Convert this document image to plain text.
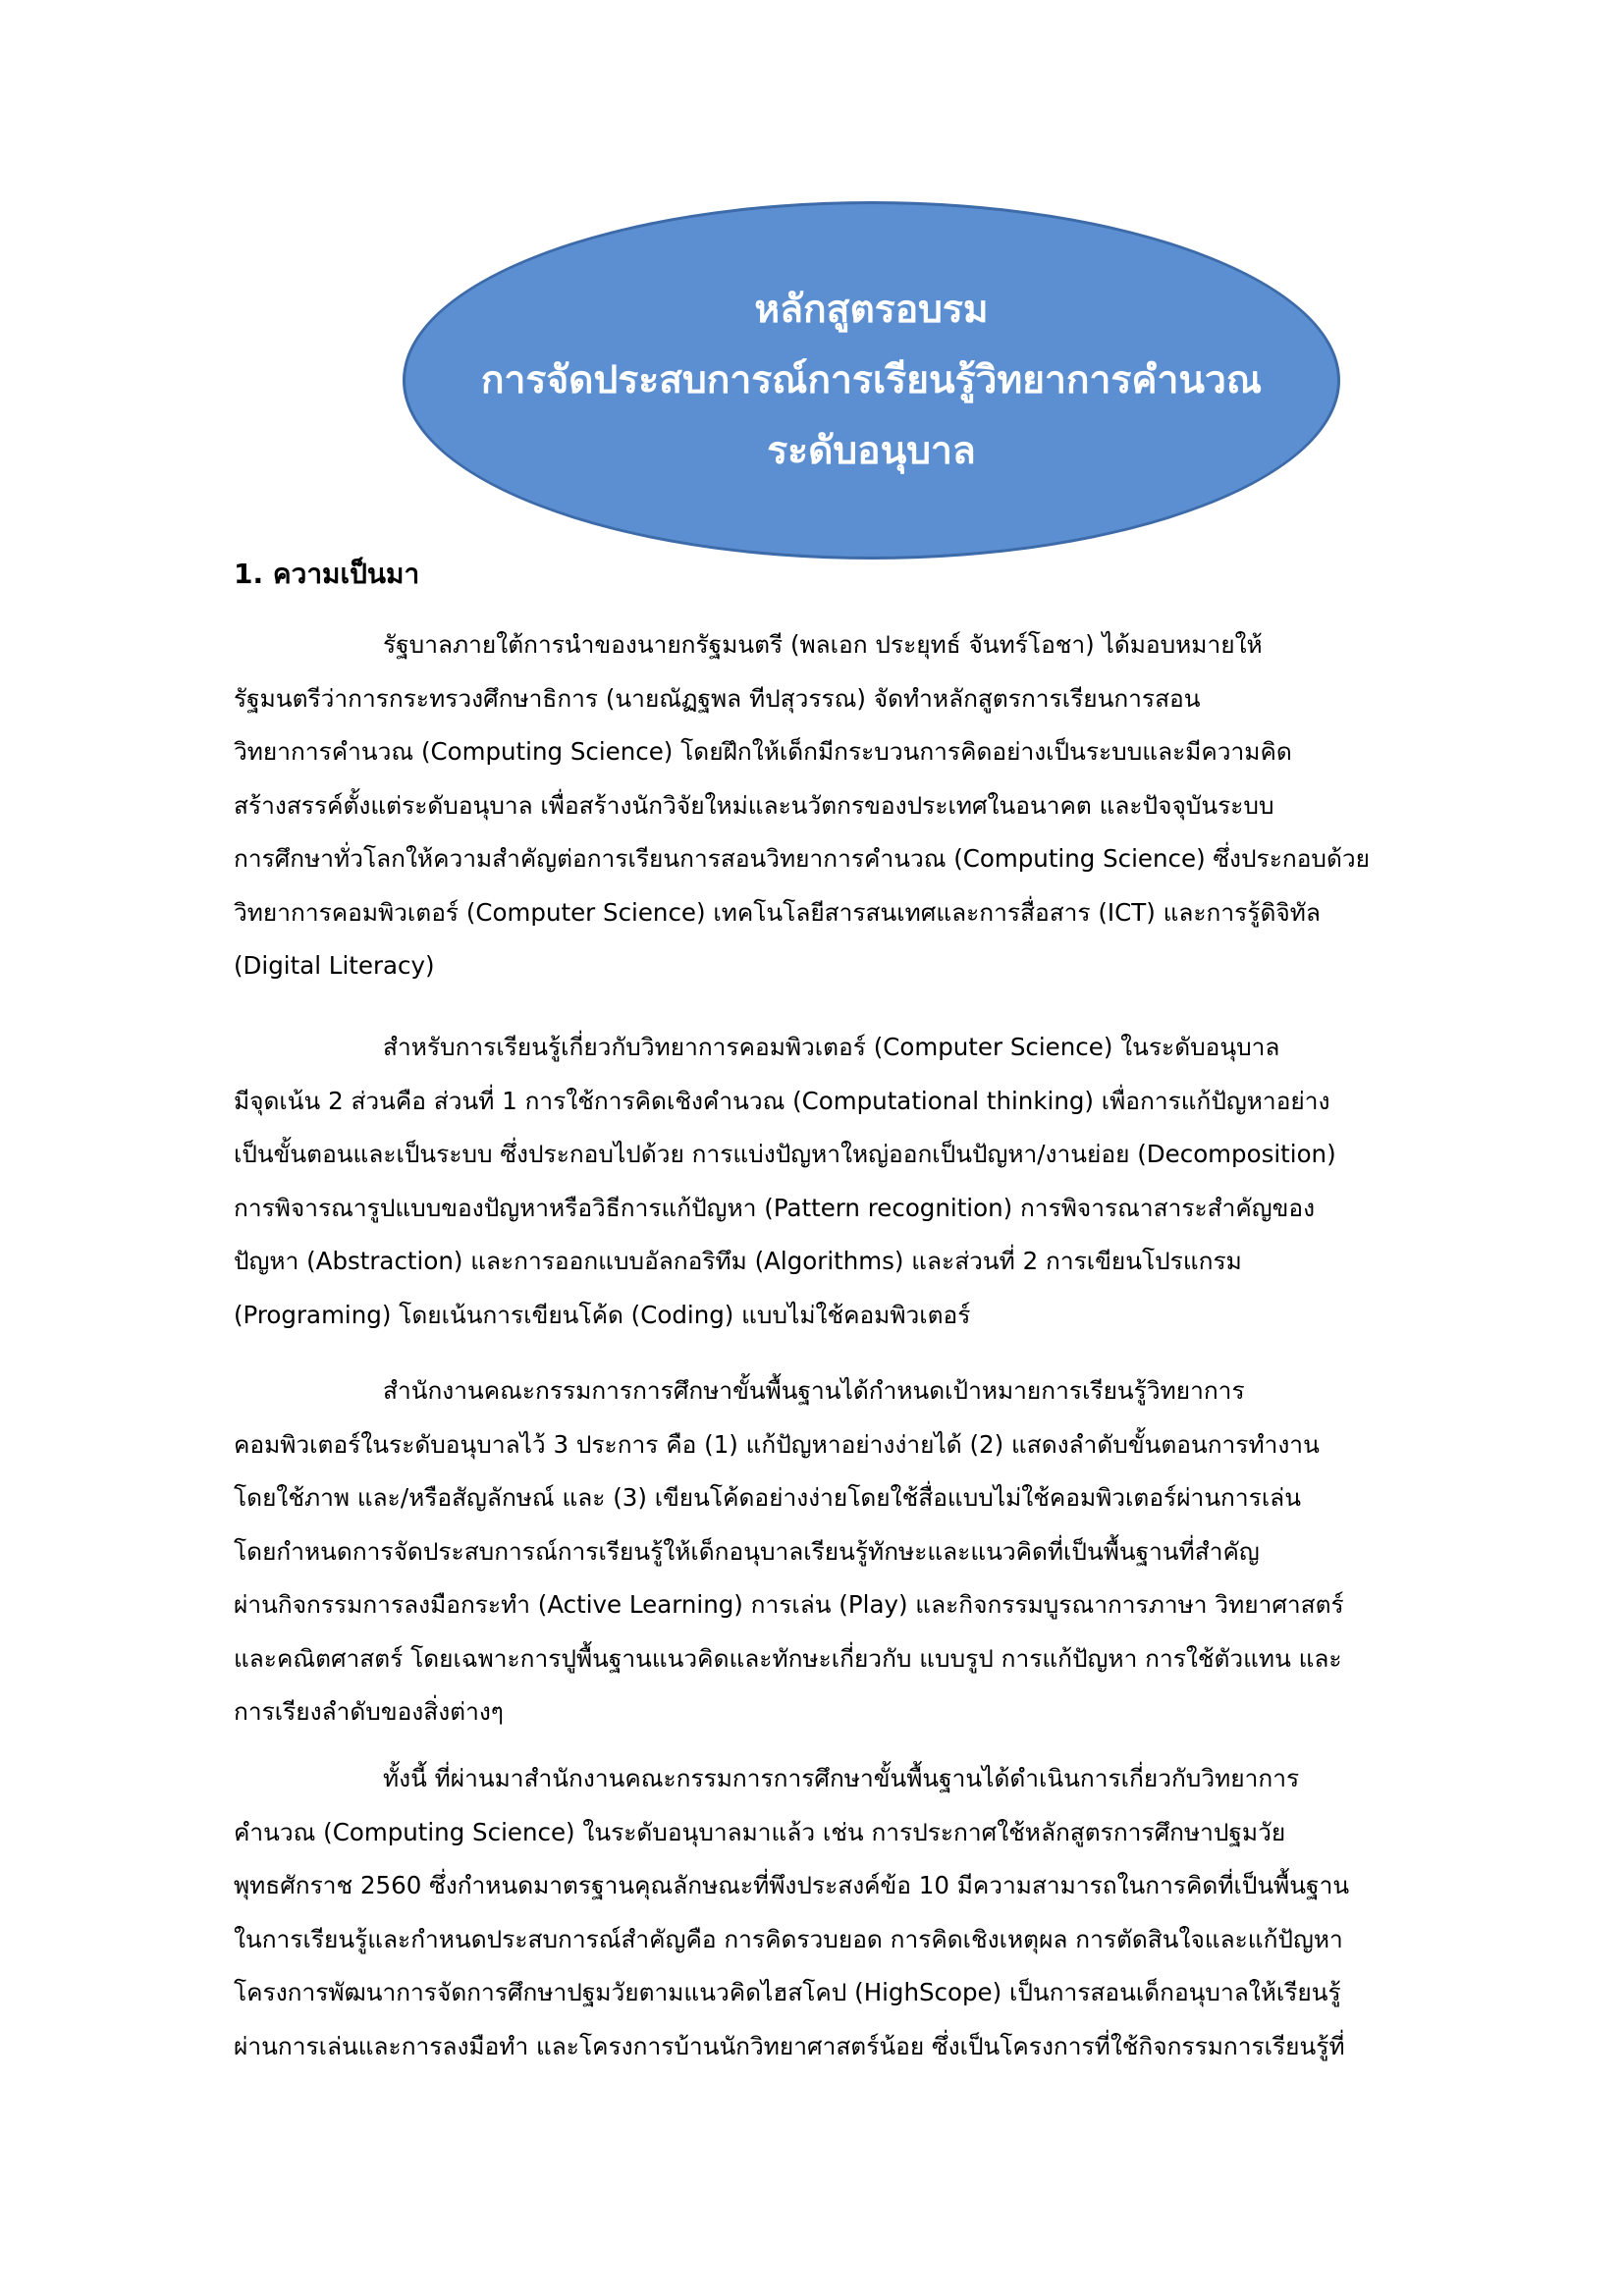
หลักสูตรอบรม
การจัดประสบการณ์การเรียนรู้วิทยาการคำนวณ
ระดับอนุบาล
1. ความเป็นมา
รัฐบาลภายใต้การนำของนายกรัฐมนตรี (พลเอก ประยุทธ์ จันทร์โอชา) ได้มอบหมายให้
รัฐมนตรีว่าการกระทรวงศึกษาธิการ (นายณัฏฐพล ทีปสุวรรณ) จัดทำหลักสูตรการเรียนการสอน
วิทยาการคำนวณ (Computing Science) โดยฝึกให้เด็กมีกระบวนการคิดอย่างเป็นระบบและมีความคิด
สร้างสรรค์ตั้งแต่ระดับอนุบาล เพื่อสร้างนักวิจัยใหม่และนวัตกรของประเทศในอนาคต และปัจจุบันระบบ
การศึกษาทั่วโลกให้ความสำคัญต่อการเรียนการสอนวิทยาการคำนวณ (Computing Science) ซึ่งประกอบด้วย
วิทยาการคอมพิวเตอร์ (Computer Science) เทคโนโลยีสารสนเทศและการสื่อสาร (ICT) และการรู้ดิจิทัล
(Digital Literacy)
สำหรับการเรียนรู้เกี่ยวกับวิทยาการคอมพิวเตอร์ (Computer Science) ในระดับอนุบาล
มีจุดเน้น 2 ส่วนคือ ส่วนที่ 1 การใช้การคิดเชิงคำนวณ (Computational thinking) เพื่อการแก้ปัญหาอย่าง
เป็นขั้นตอนและเป็นระบบ ซึ่งประกอบไปด้วย การแบ่งปัญหาใหญ่ออกเป็นปัญหา/งานย่อย (Decomposition)
การพิจารณารูปแบบของปัญหาหรือวิธีการแก้ปัญหา (Pattern recognition) การพิจารณาสาระสำคัญของ
ปัญหา (Abstraction) และการออกแบบอัลกอริทึม (Algorithms) และส่วนที่ 2 การเขียนโปรแกรม
(Programing) โดยเน้นการเขียนโค้ด (Coding) แบบไม่ใช้คอมพิวเตอร์
สำนักงานคณะกรรมการการศึกษาขั้นพื้นฐานได้กำหนดเป้าหมายการเรียนรู้วิทยาการ
คอมพิวเตอร์ในระดับอนุบาลไว้ 3 ประการ คือ (1) แก้ปัญหาอย่างง่ายได้ (2) แสดงลำดับขั้นตอนการทำงาน
โดยใช้ภาพ และ/หรือสัญลักษณ์ และ (3) เขียนโค้ดอย่างง่ายโดยใช้สื่อแบบไม่ใช้คอมพิวเตอร์ผ่านการเล่น
โดยกำหนดการจัดประสบการณ์การเรียนรู้ให้เด็กอนุบาลเรียนรู้ทักษะและแนวคิดที่เป็นพื้นฐานที่สำคัญ
ผ่านกิจกรรมการลงมือกระทำ (Active Learning) การเล่น (Play) และกิจกรรมบูรณาการภาษา วิทยาศาสตร์
และคณิตศาสตร์ โดยเฉพาะการปูพื้นฐานแนวคิดและทักษะเกี่ยวกับ แบบรูป การแก้ปัญหา การใช้ตัวแทน และ
การเรียงลำดับของสิ่งต่างๆ
ทั้งนี้ ที่ผ่านมาสำนักงานคณะกรรมการการศึกษาขั้นพื้นฐานได้ดำเนินการเกี่ยวกับวิทยาการ
คำนวณ (Computing Science) ในระดับอนุบาลมาแล้ว เช่น การประกาศใช้หลักสูตรการศึกษาปฐมวัย
พุทธศักราช 2560 ซึ่งกำหนดมาตรฐานคุณลักษณะที่พึงประสงค์ข้อ 10 มีความสามารถในการคิดที่เป็นพื้นฐาน
ในการเรียนรู้และกำหนดประสบการณ์สำคัญคือ การคิดรวบยอด การคิดเชิงเหตุผล การตัดสินใจและแก้ปัญหา
โครงการพัฒนาการจัดการศึกษาปฐมวัยตามแนวคิดไฮสโคป (HighScope) เป็นการสอนเด็กอนุบาลให้เรียนรู้
ผ่านการเล่นและการลงมือทำ และโครงการบ้านนักวิทยาศาสตร์น้อย ซึ่งเป็นโครงการที่ใช้กิจกรรมการเรียนรู้ที่
